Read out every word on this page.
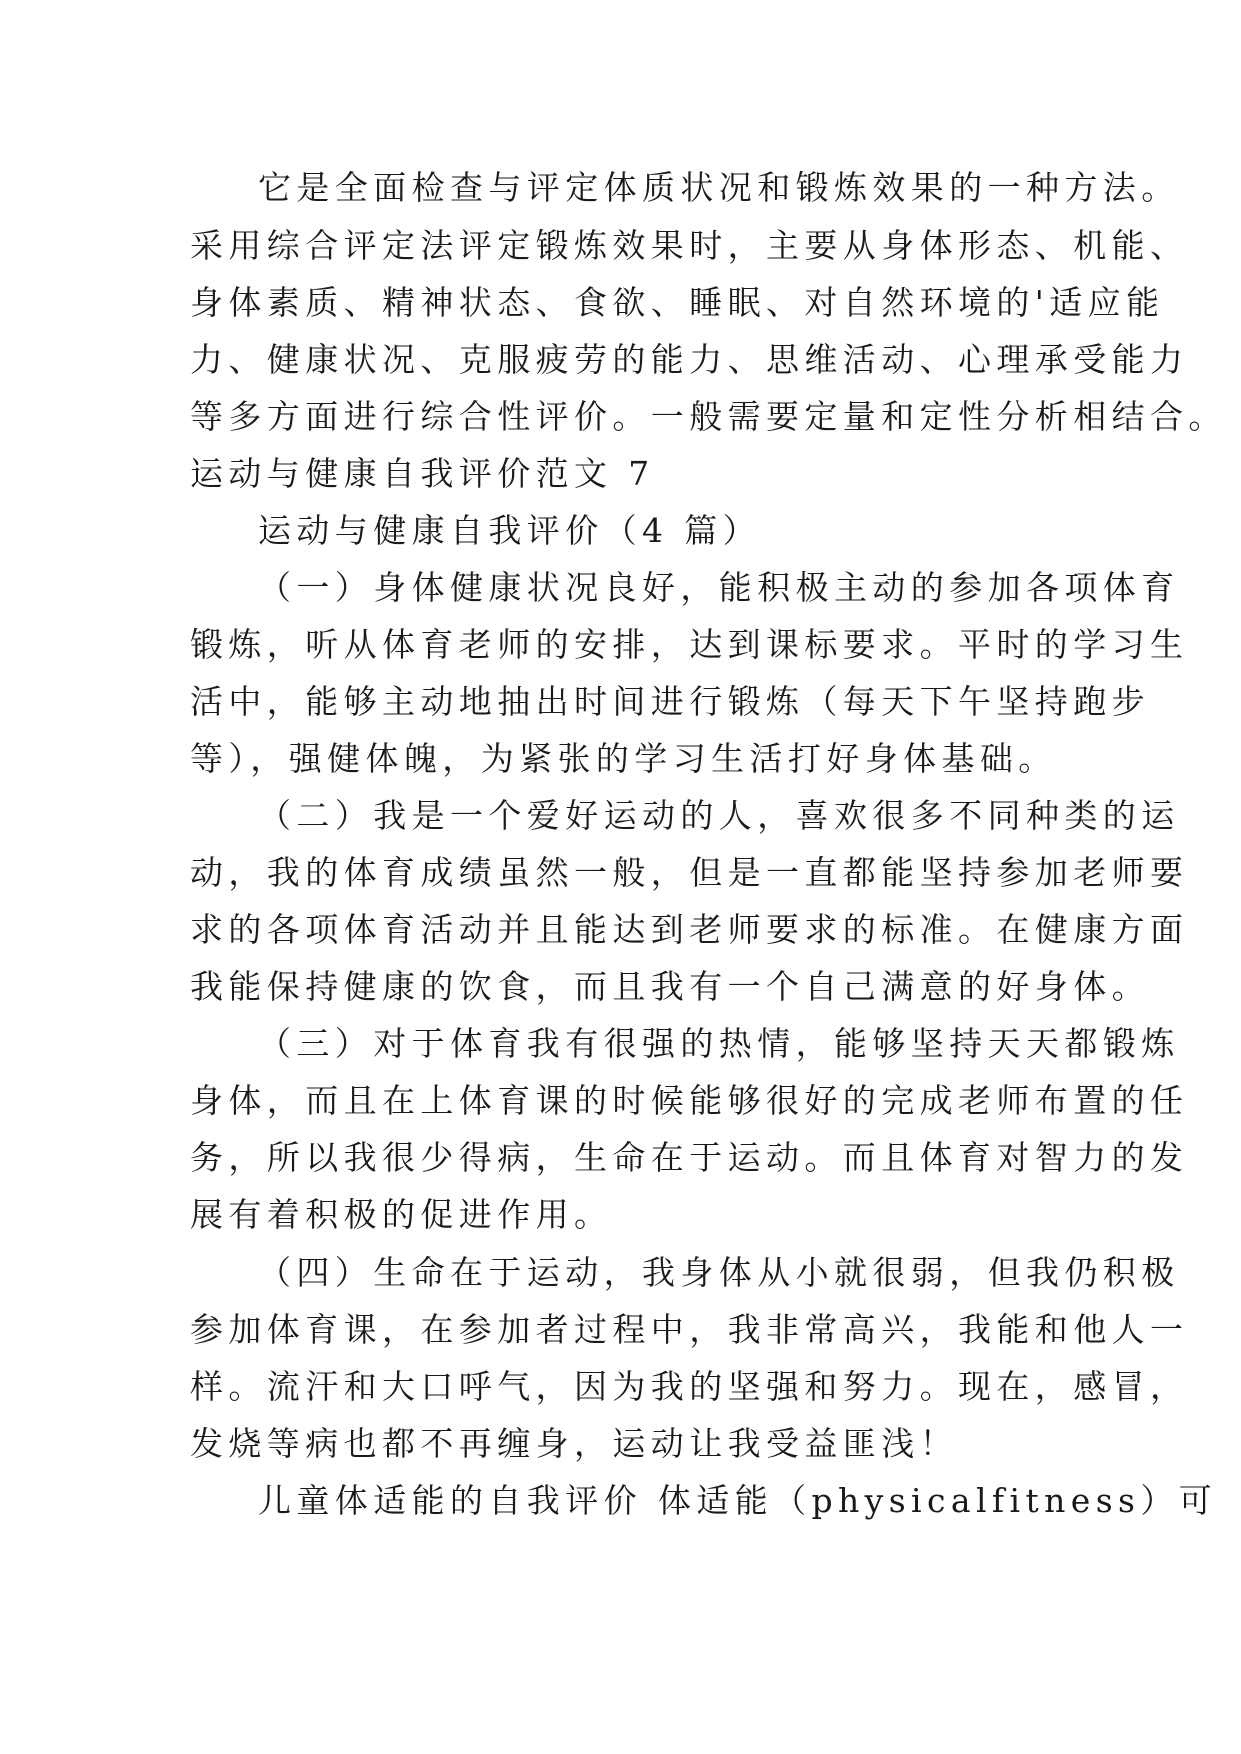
它是全面检查与评定体质状况和锻炼效果的一种方法。
采用综合评定法评定锻炼效果时，主要从身体形态、机能、
身体素质、精神状态、食欲、睡眠、对自然环境的'适应能
力、健康状况、克服疲劳的能力、思维活动、心理承受能力
等多方面进行综合性评价。一般需要定量和定性分析相结合。
运动与健康自我评价范文 7
运动与健康自我评价（4 篇）
（一）身体健康状况良好，能积极主动的参加各项体育
锻炼，听从体育老师的安排，达到课标要求。平时的学习生
活中，能够主动地抽出时间进行锻炼（每天下午坚持跑步
等），强健体魄，为紧张的学习生活打好身体基础。
（二）我是一个爱好运动的人，喜欢很多不同种类的运
动，我的体育成绩虽然一般，但是一直都能坚持参加老师要
求的各项体育活动并且能达到老师要求的标准。在健康方面
我能保持健康的饮食，而且我有一个自己满意的好身体。
（三）对于体育我有很强的热情，能够坚持天天都锻炼
身体，而且在上体育课的时候能够很好的完成老师布置的任
务，所以我很少得病，生命在于运动。而且体育对智力的发
展有着积极的促进作用。
（四）生命在于运动，我身体从小就很弱，但我仍积极
参加体育课，在参加者过程中，我非常高兴，我能和他人一
样。流汗和大口呼气，因为我的坚强和努力。现在，感冒，
发烧等病也都不再缠身，运动让我受益匪浅！
儿童体适能的自我评价 体适能（physicalfitness）可
